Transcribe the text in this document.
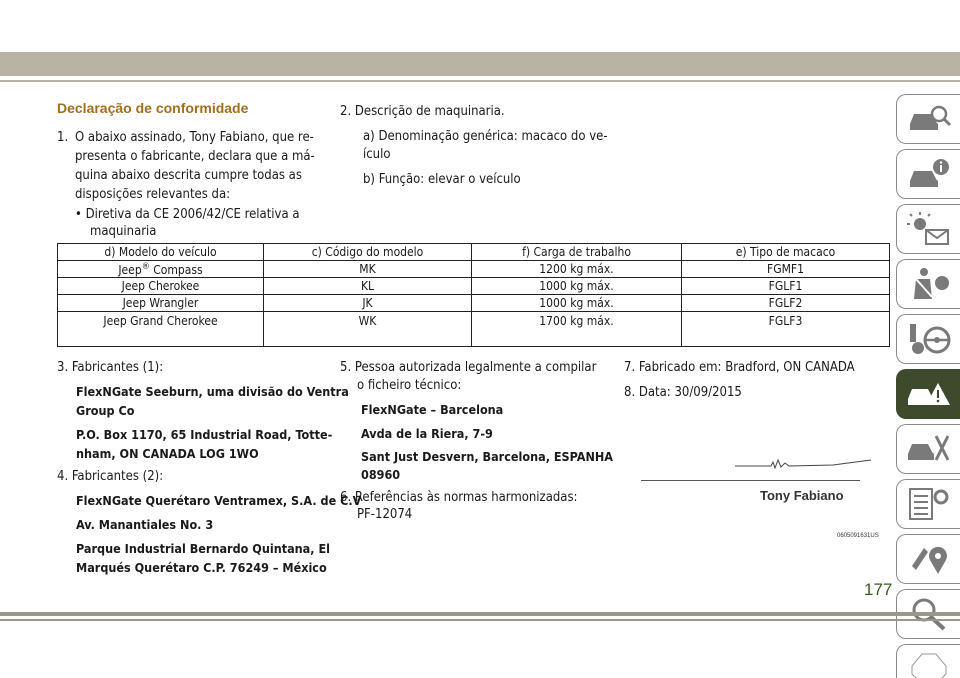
Declaração de conformidade
1. O abaixo assinado, Tony Fabiano, que re-
presenta o fabricante, declara que a má-
quina abaixo descrita cumpre todas as
disposições relevantes da:
• Diretiva da CE 2006/42/CE relativa a
maquinaria
2. Descrição de maquinaria.
a) Denominação genérica: macaco do ve-
ículo
b) Função: elevar o veículo
d) Modelo do veículo	c) Código do modelo	f) Carga de trabalho	e) Tipo de macaco
Jeep® Compass	MK	1200 kg máx.	FGMF1
Jeep Cherokee	KL	1000 kg máx.	FGLF1
Jeep Wrangler	JK	1000 kg máx.	FGLF2
Jeep Grand Cherokee	WK	1700 kg máx.	FGLF3
3. Fabricantes (1):
FlexNGate Seeburn, uma divisão do Ventra
Group Co
P.O. Box 1170, 65 Industrial Road, Totte-
nham, ON CANADA LOG 1WO
4. Fabricantes (2):
FlexNGate Querétaro Ventramex, S.A. de C.V
Av. Manantiales No. 3
Parque Industrial Bernardo Quintana, El
Marqués Querétaro C.P. 76249 – México
5. Pessoa autorizada legalmente a compilar
o ficheiro técnico:
FlexNGate – Barcelona
Avda de la Riera, 7-9
Sant Just Desvern, Barcelona, ESPANHA
08960
6. Referências às normas harmonizadas:
PF-12074
7. Fabricado em: Bradford, ON CANADA
8. Data: 30/09/2015
Tony Fabiano
0605091631US
177
